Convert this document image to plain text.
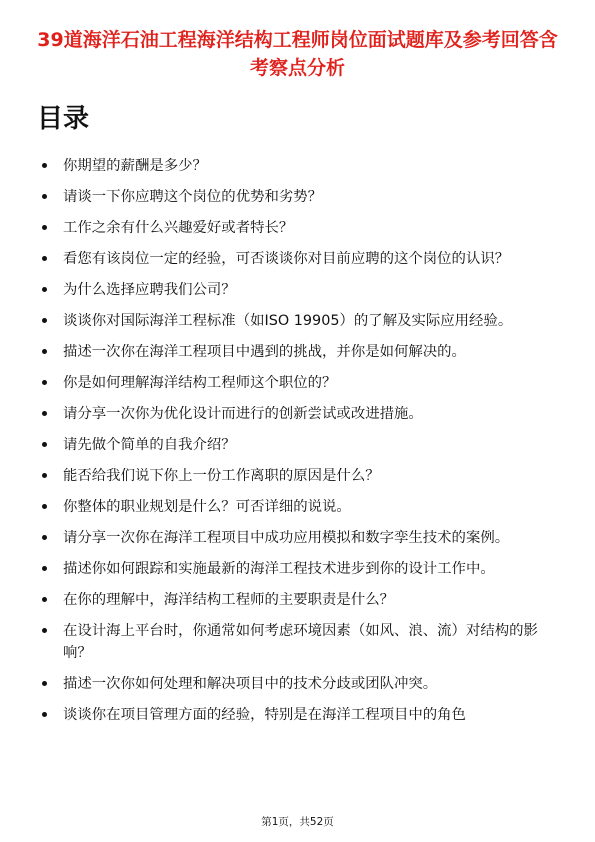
39道海洋石油工程海洋结构工程师岗位面试题库及参考回答含考察点分析
目录
你期望的薪酬是多少？
请谈一下你应聘这个岗位的优势和劣势？
工作之余有什么兴趣爱好或者特长？
看您有该岗位一定的经验，可否谈谈你对目前应聘的这个岗位的认识？
为什么选择应聘我们公司？
谈谈你对国际海洋工程标准（如ISO 19905）的了解及实际应用经验。
描述一次你在海洋工程项目中遇到的挑战，并你是如何解决的。
你是如何理解海洋结构工程师这个职位的？
请分享一次你为优化设计而进行的创新尝试或改进措施。
请先做个简单的自我介绍？
能否给我们说下你上一份工作离职的原因是什么？
你整体的职业规划是什么？可否详细的说说。
请分享一次你在海洋工程项目中成功应用模拟和数字孪生技术的案例。
描述你如何跟踪和实施最新的海洋工程技术进步到你的设计工作中。
在你的理解中，海洋结构工程师的主要职责是什么？
在设计海上平台时，你通常如何考虑环境因素（如风、浪、流）对结构的影响？
描述一次你如何处理和解决项目中的技术分歧或团队冲突。
谈谈你在项目管理方面的经验，特别是在海洋工程项目中的角色
第1页，共52页
